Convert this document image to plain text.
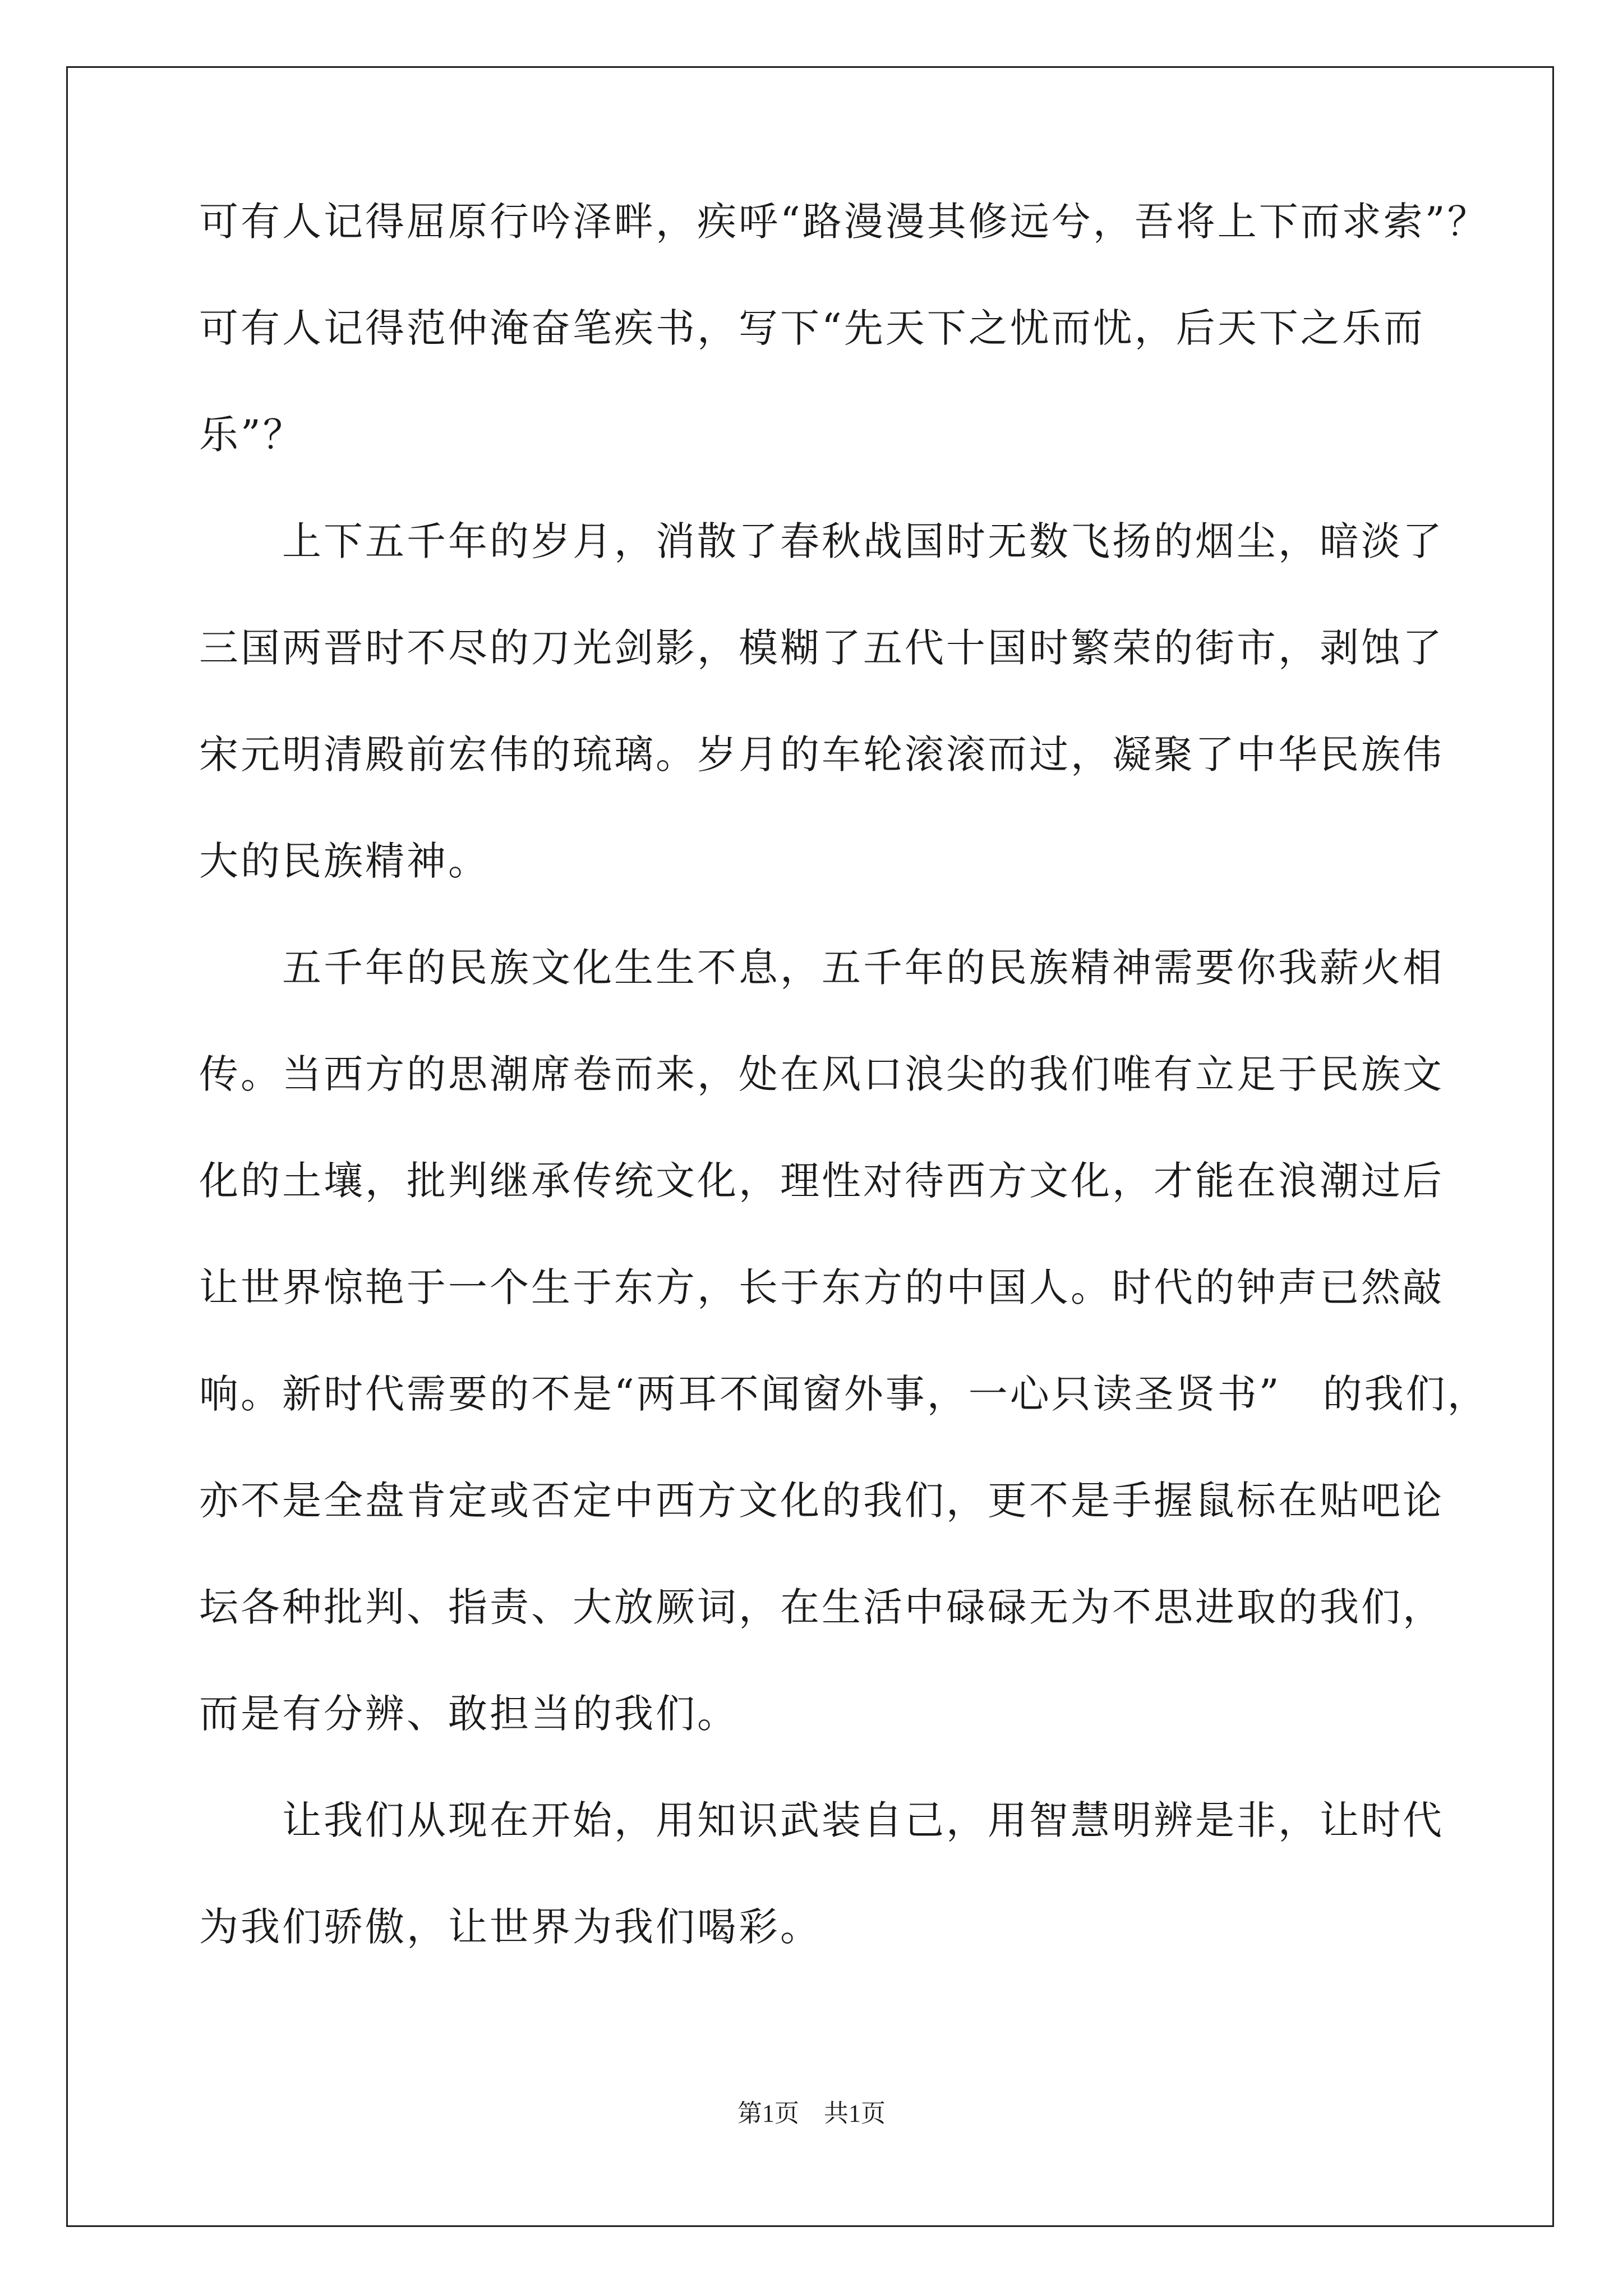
可有人记得屈原行吟泽畔，疾呼“路漫漫其修远兮，吾将上下而求索”？
可有人记得范仲淹奋笔疾书，写下“先天下之忧而忧，后天下之乐而
乐”？
　　上下五千年的岁月，消散了春秋战国时无数飞扬的烟尘，暗淡了
三国两晋时不尽的刀光剑影，模糊了五代十国时繁荣的街市，剥蚀了
宋元明清殿前宏伟的琉璃。岁月的车轮滚滚而过，凝聚了中华民族伟
大的民族精神。
　　五千年的民族文化生生不息，五千年的民族精神需要你我薪火相
传。当西方的思潮席卷而来，处在风口浪尖的我们唯有立足于民族文
化的土壤，批判继承传统文化，理性对待西方文化，才能在浪潮过后
让世界惊艳于一个生于东方，长于东方的中国人。时代的钟声已然敲
响。新时代需要的不是“两耳不闻窗外事，一心只读圣贤书”　的我们，
亦不是全盘肯定或否定中西方文化的我们，更不是手握鼠标在贴吧论
坛各种批判、指责、大放厥词，在生活中碌碌无为不思进取的我们，
而是有分辨、敢担当的我们。
　　让我们从现在开始，用知识武装自己，用智慧明辨是非，让时代
为我们骄傲，让世界为我们喝彩。
第1页　共1页
